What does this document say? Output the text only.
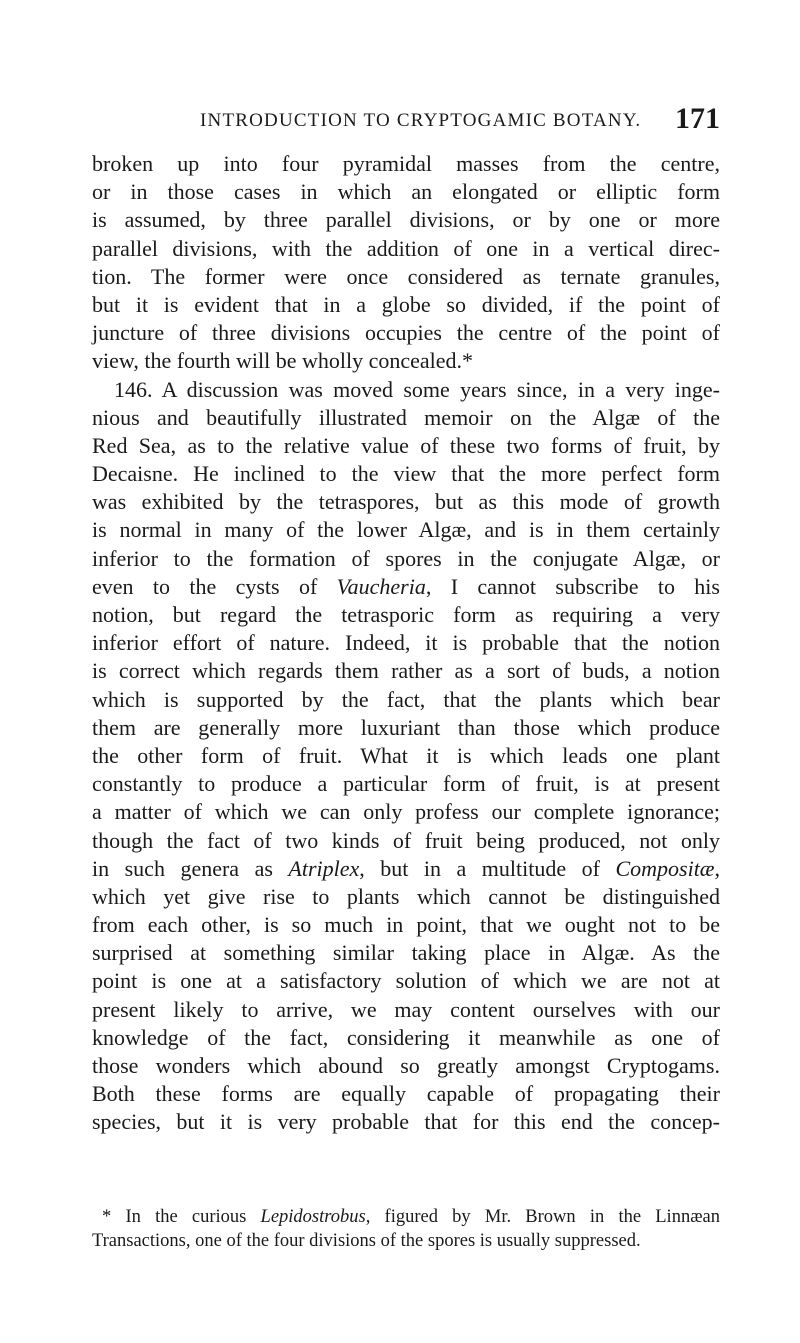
INTRODUCTION TO CRYPTOGAMIC BOTANY. 171
broken up into four pyramidal masses from the centre,
or in those cases in which an elongated or elliptic form
is assumed, by three parallel divisions, or by one or more
parallel divisions, with the addition of one in a vertical direc-
tion. The former were once considered as ternate granules,
but it is evident that in a globe so divided, if the point of
juncture of three divisions occupies the centre of the point of
view, the fourth will be wholly concealed.*
146. A discussion was moved some years since, in a very inge-
nious and beautifully illustrated memoir on the Algæ of the
Red Sea, as to the relative value of these two forms of fruit, by
Decaisne. He inclined to the view that the more perfect form
was exhibited by the tetraspores, but as this mode of growth
is normal in many of the lower Algæ, and is in them certainly
inferior to the formation of spores in the conjugate Algæ, or
even to the cysts of Vaucheria, I cannot subscribe to his
notion, but regard the tetrasporic form as requiring a very
inferior effort of nature. Indeed, it is probable that the notion
is correct which regards them rather as a sort of buds, a notion
which is supported by the fact, that the plants which bear
them are generally more luxuriant than those which produce
the other form of fruit. What it is which leads one plant
constantly to produce a particular form of fruit, is at present
a matter of which we can only profess our complete ignorance;
though the fact of two kinds of fruit being produced, not only
in such genera as Atriplex, but in a multitude of Compositæ,
which yet give rise to plants which cannot be distinguished
from each other, is so much in point, that we ought not to be
surprised at something similar taking place in Algæ. As the
point is one at a satisfactory solution of which we are not at
present likely to arrive, we may content ourselves with our
knowledge of the fact, considering it meanwhile as one of
those wonders which abound so greatly amongst Cryptogams.
Both these forms are equally capable of propagating their
species, but it is very probable that for this end the concep-
* In the curious Lepidostrobus, figured by Mr. Brown in the Linnæan
Transactions, one of the four divisions of the spores is usually suppressed.
